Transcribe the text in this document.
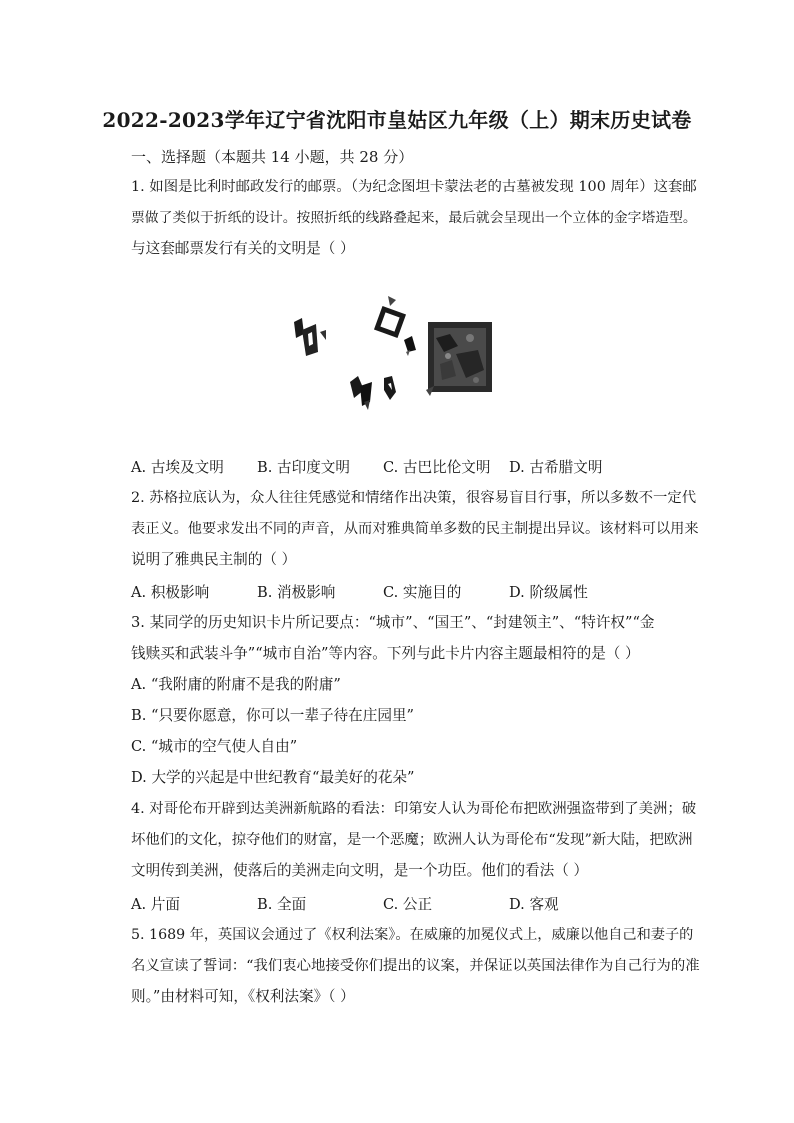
2022-2023学年辽宁省沈阳市皇姑区九年级（上）期末历史试卷
一、选择题（本题共 14 小题，共 28 分）
1. 如图是比利时邮政发行的邮票。（为纪念图坦卡蒙法老的古墓被发现 100 周年）这套邮
票做了类似于折纸的设计。按照折纸的线路叠起来，最后就会呈现出一个立体的金字塔造型。
与这套邮票发行有关的文明是（ ）
A. 古埃及文明 B. 古印度文明 C. 古巴比伦文明 D. 古希腊文明
2. 苏格拉底认为，众人往往凭感觉和情绪作出决策，很容易盲目行事，所以多数不一定代
表正义。他要求发出不同的声音，从而对雅典简单多数的民主制提出异议。该材料可以用来
说明了雅典民主制的（ ）
A. 积极影响	B. 消极影响	C. 实施目的	D. 阶级属性
3. 某同学的历史知识卡片所记要点：“城市”、“国王”、“封建领主”、“特许权”“金
钱赎买和武装斗争”“城市自治”等内容。下列与此卡片内容主题最相符的是（ ）
A. “我附庸的附庸不是我的附庸”
B. “只要你愿意，你可以一辈子待在庄园里”
C. “城市的空气使人自由”
D. 大学的兴起是中世纪教育“最美好的花朵”
4. 对哥伦布开辟到达美洲新航路的看法：印第安人认为哥伦布把欧洲强盗带到了美洲；破
坏他们的文化，掠夺他们的财富，是一个恶魔；欧洲人认为哥伦布“发现”新大陆，把欧洲
文明传到美洲，使落后的美洲走向文明，是一个功臣。他们的看法（ ）
A. 片面	B. 全面	C. 公正	D. 客观
5. 1689 年，英国议会通过了《权利法案》。在威廉的加冕仪式上，威廉以他自己和妻子的
名义宣读了誓词：“我们衷心地接受你们提出的议案，并保证以英国法律作为自己行为的准
则。”由材料可知，《权利法案》（ ）
